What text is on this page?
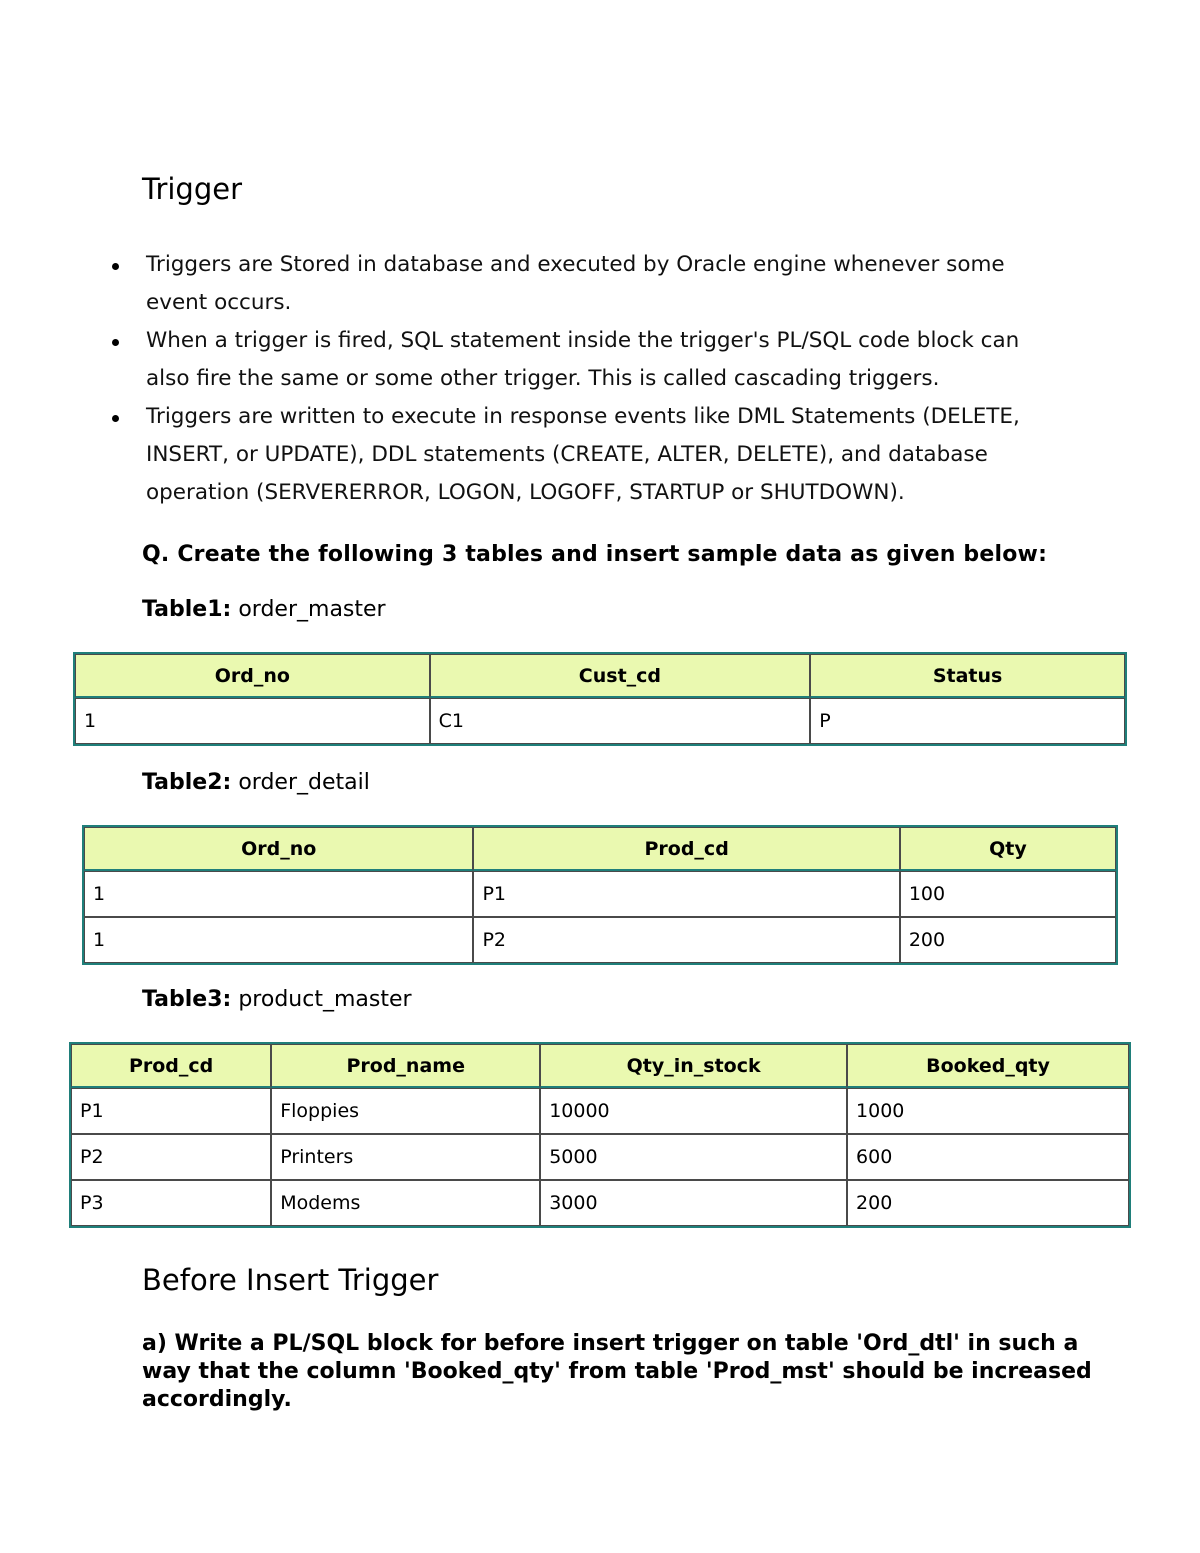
Trigger
Triggers are Stored in database and executed by Oracle engine whenever some event occurs.
When a trigger is fired, SQL statement inside the trigger's PL/SQL code block can also fire the same or some other trigger. This is called cascading triggers.
Triggers are written to execute in response events like DML Statements (DELETE, INSERT, or UPDATE), DDL statements (CREATE, ALTER, DELETE), and database operation (SERVERERROR, LOGON, LOGOFF, STARTUP or SHUTDOWN).

Q. Create the following 3 tables and insert sample data as given below:

Table1: order_master

Ord_no	Cust_cd	Status
1	C1	P

Table2: order_detail

Ord_no	Prod_cd	Qty
1	P1	100
1	P2	200

Table3: product_master

Prod_cd	Prod_name	Qty_in_stock	Booked_qty
P1	Floppies	10000	1000
P2	Printers	5000	600
P3	Modems	3000	200
Before Insert Trigger

a) Write a PL/SQL block for before insert trigger on table 'Ord_dtl' in such a way that the column 'Booked_qty' from table 'Prod_mst' should be increased accordingly.
